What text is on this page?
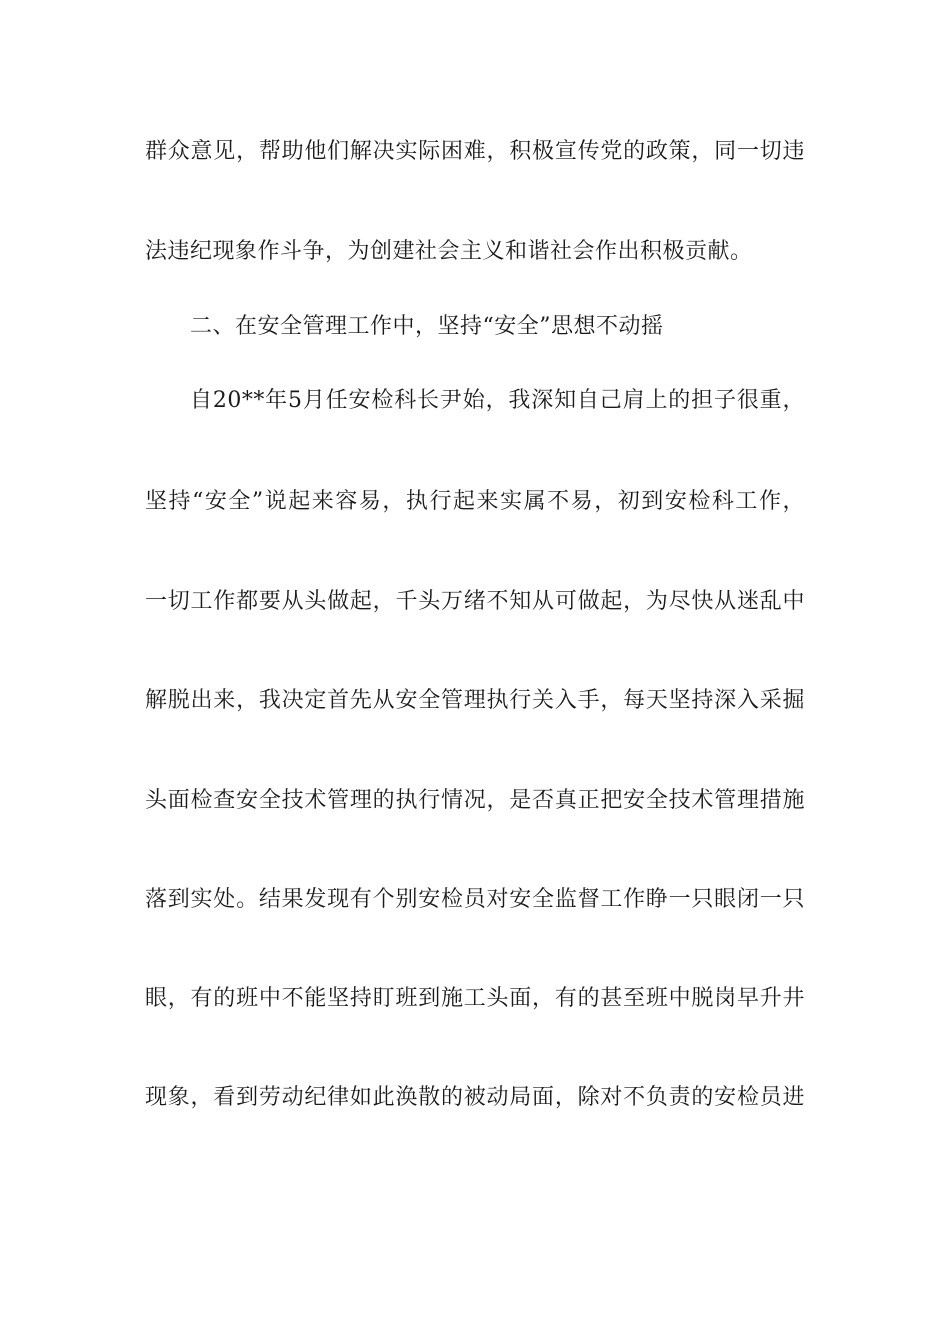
群众意见，帮助他们解决实际困难，积极宣传党的政策，同一切违
法违纪现象作斗争，为创建社会主义和谐社会作出积极贡献。
二、在安全管理工作中，坚持“安全”思想不动摇
自20**年5月任安检科长尹始，我深知自己肩上的担子很重，
坚持“安全”说起来容易，执行起来实属不易，初到安检科工作，
一切工作都要从头做起，千头万绪不知从可做起，为尽快从迷乱中
解脱出来，我决定首先从安全管理执行关入手，每天坚持深入采掘
头面检查安全技术管理的执行情况，是否真正把安全技术管理措施
落到实处。结果发现有个别安检员对安全监督工作睁一只眼闭一只
眼，有的班中不能坚持盯班到施工头面，有的甚至班中脱岗早升井
现象，看到劳动纪律如此涣散的被动局面，除对不负责的安检员进
